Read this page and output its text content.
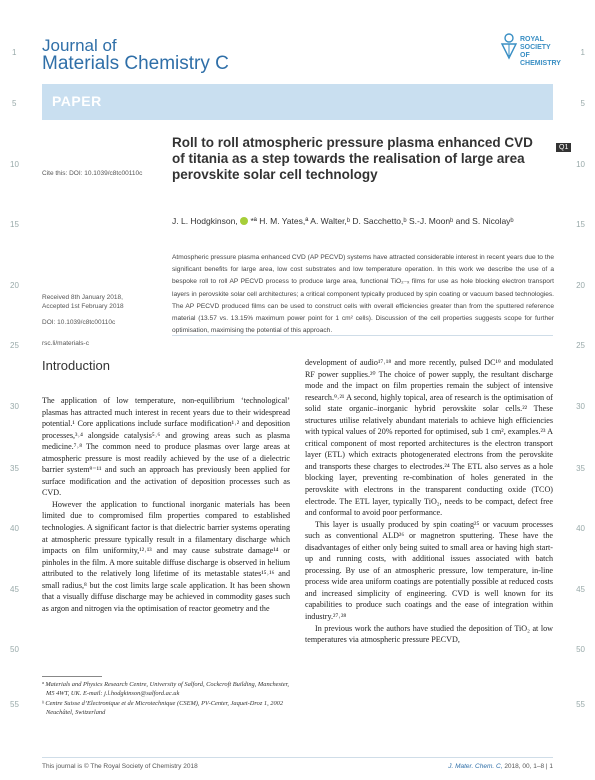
1
5
10
15
20
25
30
35
40
45
50
55
1
5
10
15
20
25
30
35
40
45
50
55
Journal of
Materials Chemistry C
ROYAL SOCIETY
OF CHEMISTRY
PAPER
Roll to roll atmospheric pressure plasma enhanced CVD of titania as a step towards the realisation of large area perovskite solar cell technology
Q1
Cite this: DOI: 10.1039/c8tc00110c
J. L. Hodgkinson, *ª H. M. Yates,ª A. Walter,ᵇ D. Sacchetto,ᵇ S.-J. Moonᵇ and S. Nicolayᵇ
Received 8th January 2018,
Accepted 1st February 2018
DOI: 10.1039/c8tc00110c
rsc.li/materials-c
Atmospheric pressure plasma enhanced CVD (AP PECVD) systems have attracted considerable interest in recent years due to the significant benefits for large area, low cost substrates and low temperature operation. In this work we describe the use of a bespoke roll to roll AP PECVD process to produce large area, functional TiO₂₋ₓ films for use as hole blocking electron transport layers in perovskite solar cell architectures; a critical component typically produced by spin coating or vacuum based technologies. The AP PECVD produced films can be used to construct cells with overall efficiencies greater than from the sputtered reference material (13.57 vs. 13.15% maximum power point for 1 cm² cells). Discussion of the cell properties suggests scope for further optimisation, maximising the potential of this approach.
Introduction

The application of low temperature, non-equilibrium ‘technological’ plasmas has attracted much interest in recent years due to their widespread potential.¹ Core applications include surface modification¹˒² and deposition processes,³˒⁴ alongside catalysis⁵˒⁶ and growing areas such as plasma medicine.⁷˒⁸ The common need to produce plasmas over large areas at atmospheric pressure is most readily achieved by the use of a dielectric barrier system⁹⁻¹¹ and such an approach has previously been applied for surface modification and the activation of deposition processes such as CVD.

However the application to functional inorganic materials has been limited due to compromised film properties compared to established technologies. A significant factor is that dielectric barrier systems operating at atmospheric pressure typically result in a filamentary discharge which impacts on film uniformity,¹²˒¹³ and may cause substrate damage¹⁴ or pinholes in the film. A more suitable diffuse discharge is observed in helium attributed to the relatively long lifetime of its metastable states¹⁵˒¹⁶ and small radius,⁸ but the cost limits large scale application. It has been shown that a visually diffuse discharge may be achieved in commodity gases such as argon and nitrogen via the optimisation of reactor geometry and the

development of audio¹⁷˒¹⁸ and more recently, pulsed DC¹⁹ and modulated RF power supplies.²⁰ The choice of power supply, the resultant discharge mode and the impact on film properties remain the subject of intensive research.⁹˒²¹ A second, highly topical, area of research is the optimisation of solid state organic–inorganic hybrid perovskite solar cells.²² These structures utilise relatively abundant materials to achieve high efficiencies with typical values of 20% reported for optimised, sub 1 cm², examples.²³ A critical component of most reported architectures is the electron transport layer (ETL) which extracts photogenerated electrons from the perovskite and transports these charges to electrodes.²⁴ The ETL also serves as a hole blocking layer, preventing re-combination of holes generated in the perovskite with electrons in the transparent conducting oxide (TCO) electrode. The ETL layer, typically TiO₂, needs to be compact, defect free and conformal to avoid poor performance.

This layer is usually produced by spin coating²⁵ or vacuum processes such as conventional ALD²⁶ or magnetron sputtering. These have the disadvantages of either only being suited to small area or having high start-up and running costs, with additional issues associated with batch processing. By use of an atmospheric pressure, low temperature, in-line process wide area uniform coatings are potentially possible at reduced costs and increased simplicity of engineering. CVD is well known for its capabilities to produce such coatings and the ease of integration within industry.²⁷˒²⁸

In previous work the authors have studied the deposition of TiO₂ at low temperatures via atmospheric pressure PECVD,

ª Materials and Physics Research Centre, University of Salford, Cockcroft Building, Manchester, M5 4WT, UK. E-mail: j.l.hodgkinson@salford.ac.uk

ᵇ Centre Suisse d’Electronique et de Microtechnique (CSEM), PV-Center, Jaquet-Droz 1, 2002 Neuchâtel, Switzerland

This journal is © The Royal Society of Chemistry 2018	J. Mater. Chem. C, 2018, 00, 1–8 | 1
